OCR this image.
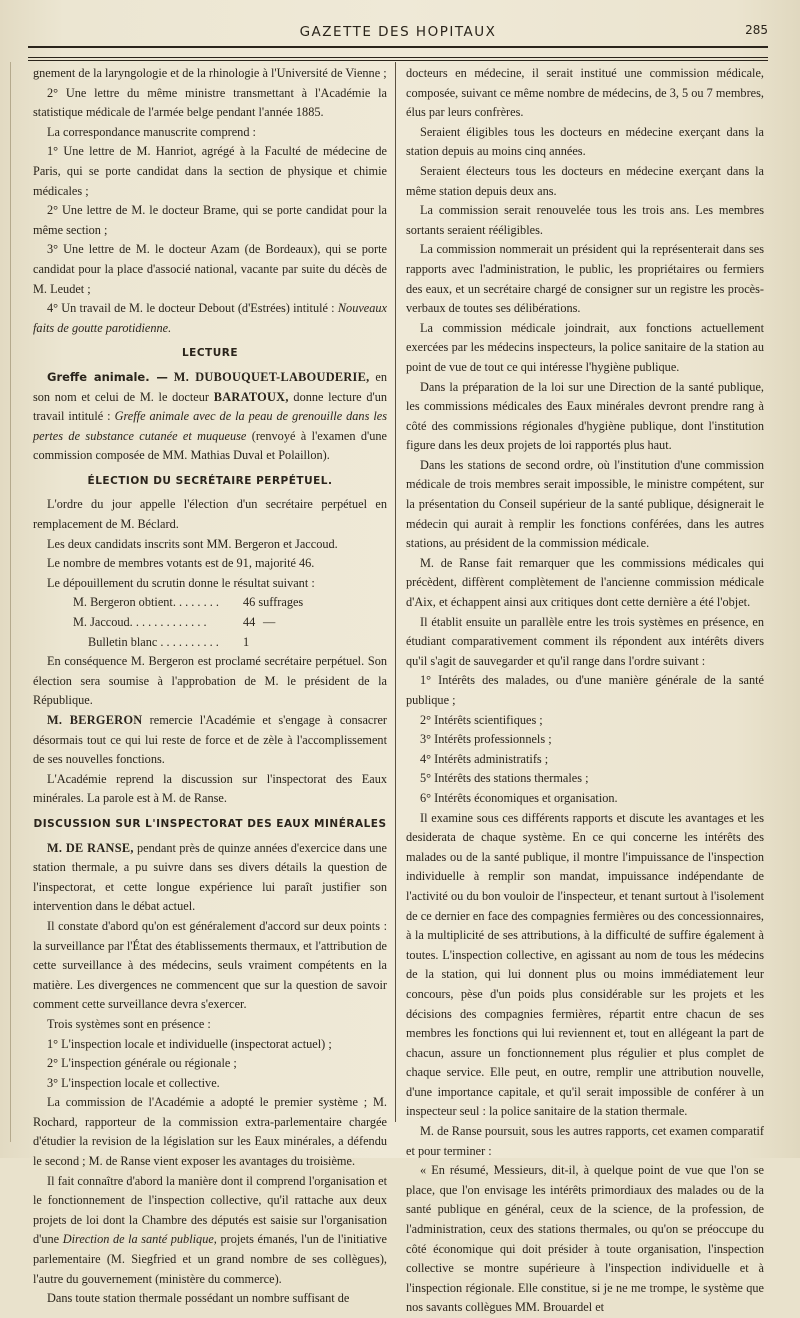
GAZETTE DES HOPITAUX	285

gnement de la laryngologie et de la rhinologie à l'Université de Vienne ;

2° Une lettre du même ministre transmettant à l'Académie la statistique médicale de l'armée belge pendant l'année 1885.

La correspondance manuscrite comprend :

1° Une lettre de M. Hanriot, agrégé à la Faculté de médecine de Paris, qui se porte candidat dans la section de physique et chimie médicales ;

2° Une lettre de M. le docteur Brame, qui se porte candidat pour la même section ;

3° Une lettre de M. le docteur Azam (de Bordeaux), qui se porte candidat pour la place d'associé national, vacante par suite du décès de M. Leudet ;

4° Un travail de M. le docteur Debout (d'Estrées) intitulé : Nouveaux faits de goutte parotidienne.

LECTURE

Greffe animale. — M. DUBOUQUET-LABOUDERIE, en son nom et celui de M. le docteur BARATOUX, donne lecture d'un travail intitulé : Greffe animale avec de la peau de grenouille dans les pertes de substance cutanée et muqueuse (renvoyé à l'examen d'une commission composée de MM. Mathias Duval et Polaillon).

ÉLECTION DU SECRÉTAIRE PERPÉTUEL.

L'ordre du jour appelle l'élection d'un secrétaire perpétuel en remplacement de M. Béclard.

Les deux candidats inscrits sont MM. Bergeron et Jaccoud.

Le nombre de membres votants est de 91, majorité 46.

Le dépouillement du scrutin donne le résultat suivant :

M. Bergeron obtient. . . . . . . .	46 suffrages
M. Jaccoud. . . . . . . . . . . . .	44 —
Bulletin blanc . . . . . . . . . .	1

En conséquence M. Bergeron est proclamé secrétaire perpétuel. Son élection sera soumise à l'approbation de M. le président de la République.

M. BERGERON remercie l'Académie et s'engage à consacrer désormais tout ce qui lui reste de force et de zèle à l'accomplissement de ses nouvelles fonctions.

L'Académie reprend la discussion sur l'inspectorat des Eaux minérales. La parole est à M. de Ranse.

DISCUSSION SUR L'INSPECTORAT DES EAUX MINÉRALES

M. DE RANSE, pendant près de quinze années d'exercice dans une station thermale, a pu suivre dans ses divers détails la question de l'inspectorat, et cette longue expérience lui paraît justifier son intervention dans le débat actuel.

Il constate d'abord qu'on est généralement d'accord sur deux points : la surveillance par l'État des établissements thermaux, et l'attribution de cette surveillance à des médecins, seuls vraiment compétents en la matière. Les divergences ne commencent que sur la question de savoir comment cette surveillance devra s'exercer.

Trois systèmes sont en présence :

1° L'inspection locale et individuelle (inspectorat actuel) ;

2° L'inspection générale ou régionale ;

3° L'inspection locale et collective.

La commission de l'Académie a adopté le premier système ; M. Rochard, rapporteur de la commission extra-parlementaire chargée d'étudier la revision de la législation sur les Eaux minérales, a défendu le second ; M. de Ranse vient exposer les avantages du troisième.

Il fait connaître d'abord la manière dont il comprend l'organisation et le fonctionnement de l'inspection collective, qu'il rattache aux deux projets de loi dont la Chambre des députés est saisie sur l'organisation d'une Direction de la santé publique, projets émanés, l'un de l'initiative parlementaire (M. Siegfried et un grand nombre de ses collègues), l'autre du gouvernement (ministère du commerce).

Dans toute station thermale possédant un nombre suffisant de

docteurs en médecine, il serait institué une commission médicale, composée, suivant ce même nombre de médecins, de 3, 5 ou 7 membres, élus par leurs confrères.

Seraient éligibles tous les docteurs en médecine exerçant dans la station depuis au moins cinq années.

Seraient électeurs tous les docteurs en médecine exerçant dans la même station depuis deux ans.

La commission serait renouvelée tous les trois ans. Les membres sortants seraient rééligibles.

La commission nommerait un président qui la représenterait dans ses rapports avec l'administration, le public, les propriétaires ou fermiers des eaux, et un secrétaire chargé de consigner sur un registre les procès-verbaux de toutes ses délibérations.

La commission médicale joindrait, aux fonctions actuellement exercées par les médecins inspecteurs, la police sanitaire de la station au point de vue de tout ce qui intéresse l'hygiène publique.

Dans la préparation de la loi sur une Direction de la santé publique, les commissions médicales des Eaux minérales devront prendre rang à côté des commissions régionales d'hygiène publique, dont l'institution figure dans les deux projets de loi rapportés plus haut.

Dans les stations de second ordre, où l'institution d'une commission médicale de trois membres serait impossible, le ministre compétent, sur la présentation du Conseil supérieur de la santé publique, désignerait le médecin qui aurait à remplir les fonctions conférées, dans les autres stations, au président de la commission médicale.

M. de Ranse fait remarquer que les commissions médicales qui précèdent, diffèrent complètement de l'ancienne commission médicale d'Aix, et échappent ainsi aux critiques dont cette dernière a été l'objet.

Il établit ensuite un parallèle entre les trois systèmes en présence, en étudiant comparativement comment ils répondent aux intérêts divers qu'il s'agit de sauvegarder et qu'il range dans l'ordre suivant :

1° Intérêts des malades, ou d'une manière générale de la santé publique ;

2° Intérêts scientifiques ;

3° Intérêts professionnels ;

4° Intérêts administratifs ;

5° Intérêts des stations thermales ;

6° Intérêts économiques et organisation.

Il examine sous ces différents rapports et discute les avantages et les desiderata de chaque système. En ce qui concerne les intérêts des malades ou de la santé publique, il montre l'impuissance de l'inspection individuelle à remplir son mandat, impuissance indépendante de l'activité ou du bon vouloir de l'inspecteur, et tenant surtout à l'isolement de ce dernier en face des compagnies fermières ou des concessionnaires, à la multiplicité de ses attributions, à la difficulté de suffire également à toutes. L'inspection collective, en agissant au nom de tous les médecins de la station, qui lui donnent plus ou moins immédiatement leur concours, pèse d'un poids plus considérable sur les projets et les décisions des compagnies fermières, répartit entre chacun de ses membres les fonctions qui lui reviennent et, tout en allégeant la part de chacun, assure un fonctionnement plus régulier et plus complet de chaque service. Elle peut, en outre, remplir une attribution nouvelle, d'une importance capitale, et qu'il serait impossible de conférer à un inspecteur seul : la police sanitaire de la station thermale.

M. de Ranse poursuit, sous les autres rapports, cet examen comparatif et pour terminer :

« En résumé, Messieurs, dit-il, à quelque point de vue que l'on se place, que l'on envisage les intérêts primordiaux des malades ou de la santé publique en général, ceux de la science, de la profession, de l'administration, ceux des stations thermales, ou qu'on se préoccupe du côté économique qui doit présider à toute organisation, l'inspection collective se montre supérieure à l'inspection individuelle et à l'inspection régionale. Elle constitue, si je ne me trompe, le système que nos savants collègues MM. Brouardel et
